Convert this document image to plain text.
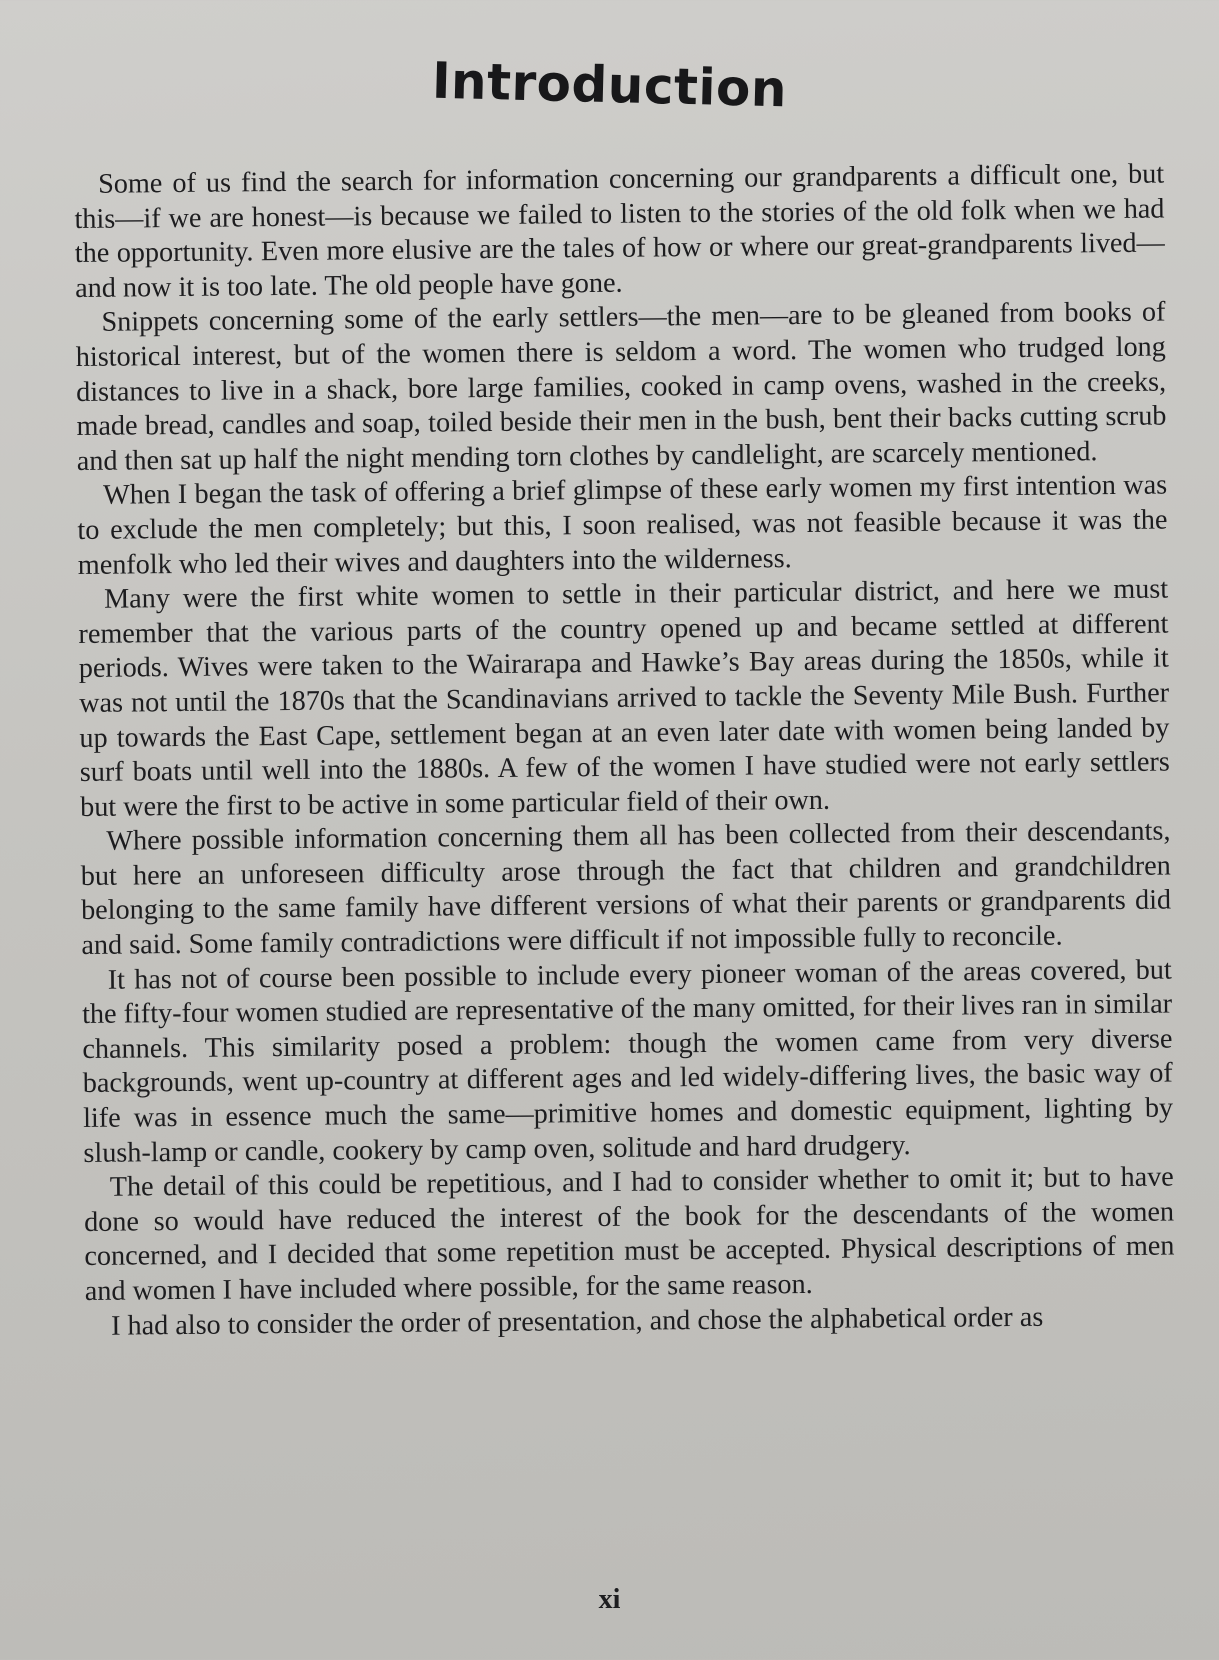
Introduction

Some of us find the search for information concerning our grandparents a difficult one, but this—if we are honest—is because we failed to listen to the stories of the old folk when we had the opportunity. Even more elusive are the tales of how or where our great-grandparents lived—and now it is too late. The old people have gone.

Snippets concerning some of the early settlers—the men—are to be gleaned from books of historical interest, but of the women there is seldom a word. The women who trudged long distances to live in a shack, bore large families, cooked in camp ovens, washed in the creeks, made bread, candles and soap, toiled beside their men in the bush, bent their backs cutting scrub and then sat up half the night mending torn clothes by candlelight, are scarcely mentioned.

When I began the task of offering a brief glimpse of these early women my first intention was to exclude the men completely; but this, I soon realised, was not feasible because it was the menfolk who led their wives and daughters into the wilderness.

Many were the first white women to settle in their particular district, and here we must remember that the various parts of the country opened up and became settled at different periods. Wives were taken to the Wairarapa and Hawke’s Bay areas during the 1850s, while it was not until the 1870s that the Scandinavians arrived to tackle the Seventy Mile Bush. Further up towards the East Cape, settlement began at an even later date with women being landed by surf boats until well into the 1880s. A few of the women I have studied were not early settlers but were the first to be active in some particular field of their own.

Where possible information concerning them all has been collected from their descendants, but here an unforeseen difficulty arose through the fact that children and grandchildren belonging to the same family have different versions of what their parents or grandparents did and said. Some family contradictions were difficult if not impossible fully to reconcile.

It has not of course been possible to include every pioneer woman of the areas covered, but the fifty-four women studied are representative of the many omitted, for their lives ran in similar channels. This similarity posed a problem: though the women came from very diverse backgrounds, went up-country at different ages and led widely-differing lives, the basic way of life was in essence much the same—primitive homes and domestic equipment, lighting by slush-lamp or candle, cookery by camp oven, solitude and hard drudgery.

The detail of this could be repetitious, and I had to consider whether to omit it; but to have done so would have reduced the interest of the book for the descendants of the women concerned, and I decided that some repetition must be accepted. Physical descriptions of men and women I have included where possible, for the same reason.

I had also to consider the order of presentation, and chose the alphabetical order as

xi
